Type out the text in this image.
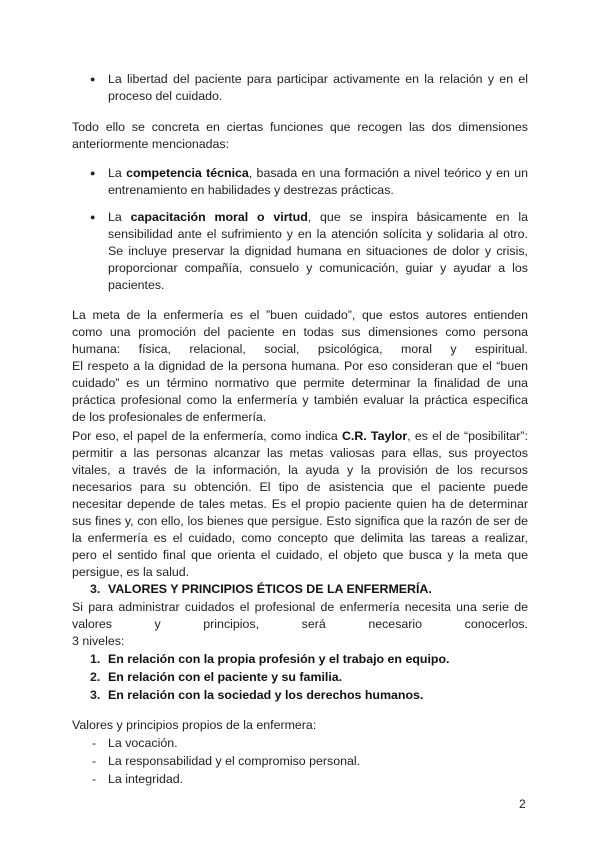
●	La libertad del paciente para participar activamente en la relación y en el
proceso del cuidado.
Todo ello se concreta en ciertas funciones que recogen las dos dimensiones
anteriormente mencionadas:
●	La competencia técnica, basada en una formación a nivel teórico y en un
entrenamiento en habilidades y destrezas prácticas.
●	La capacitación moral o virtud, que se inspira básicamente en la
sensibilidad ante el sufrimiento y en la atención solícita y solidaria al otro.
Se incluye preservar la dignidad humana en situaciones de dolor y crisis,
proporcionar compañía, consuelo y comunicación, guiar y ayudar a los
pacientes.
La meta de la enfermería es el ”buen cuidado”, que estos autores entienden
como una promoción del paciente en todas sus dimensiones como persona
humana: física, relacional, social, psicológica, moral y espiritual.
El respeto a la dignidad de la persona humana. Por eso consideran que el “buen
cuidado” es un término normativo que permite determinar la finalidad de una
práctica profesional como la enfermería y también evaluar la práctica especifica
de los profesionales de enfermería.
Por eso, el papel de la enfermería, como indica C.R. Taylor, es el de “posibilitar”:
permitir a las personas alcanzar las metas valiosas para ellas, sus proyectos
vitales, a través de la información, la ayuda y la provisión de los recursos
necesarios para su obtención. El tipo de asistencia que el paciente puede
necesitar depende de tales metas. Es el propio paciente quien ha de determinar
sus fines y, con ello, los bienes que persigue. Esto significa que la razón de ser de
la enfermería es el cuidado, como concepto que delimita las tareas a realizar,
pero el sentido final que orienta el cuidado, el objeto que busca y la meta que
persigue, es la salud.
3. VALORES Y PRINCIPIOS ÉTICOS DE LA ENFERMERÍA.
Si para administrar cuidados el profesional de enfermería necesita una serie de
valores y principios, será necesario conocerlos.
3 niveles:
1. En relación con la propia profesión y el trabajo en equipo.
2. En relación con el paciente y su familia.
3. En relación con la sociedad y los derechos humanos.
Valores y principios propios de la enfermera:
- La vocación.
- La responsabilidad y el compromiso personal.
- La integridad.
2
